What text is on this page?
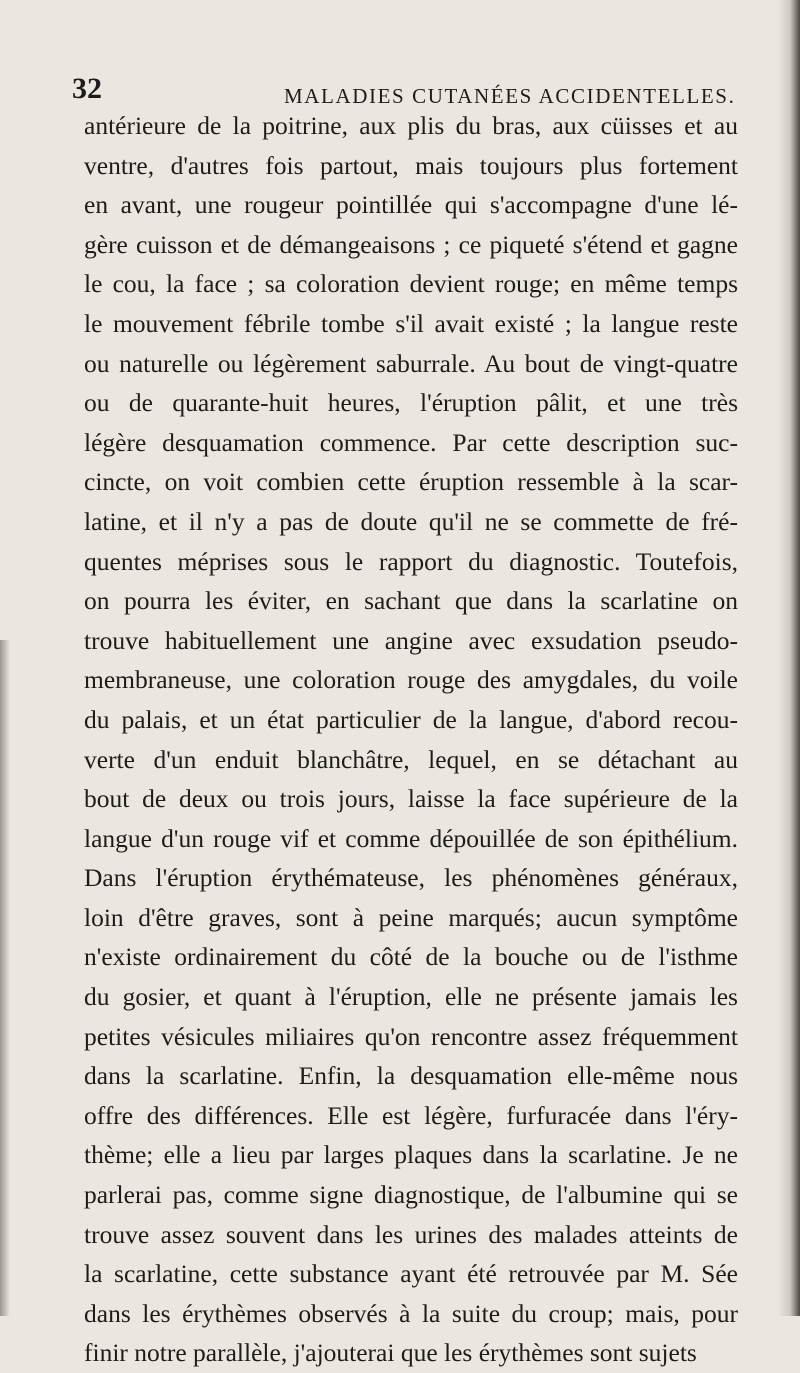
32	MALADIES CUTANÉES ACCIDENTELLES.
antérieure de la poitrine, aux plis du bras, aux cüisses et au
ventre, d'autres fois partout, mais toujours plus fortement
en avant, une rougeur pointillée qui s'accompagne d'une lé-
gère cuisson et de démangeaisons ; ce piqueté s'étend et gagne
le cou, la face ; sa coloration devient rouge; en même temps
le mouvement fébrile tombe s'il avait existé ; la langue reste
ou naturelle ou légèrement saburrale. Au bout de vingt-quatre
ou de quarante-huit heures, l'éruption pâlit, et une très
légère desquamation commence. Par cette description suc-
cincte, on voit combien cette éruption ressemble à la scar-
latine, et il n'y a pas de doute qu'il ne se commette de fré-
quentes méprises sous le rapport du diagnostic. Toutefois,
on pourra les éviter, en sachant que dans la scarlatine on
trouve habituellement une angine avec exsudation pseudo-
membraneuse, une coloration rouge des amygdales, du voile
du palais, et un état particulier de la langue, d'abord recou-
verte d'un enduit blanchâtre, lequel, en se détachant au
bout de deux ou trois jours, laisse la face supérieure de la
langue d'un rouge vif et comme dépouillée de son épithélium.
Dans l'éruption érythémateuse, les phénomènes généraux,
loin d'être graves, sont à peine marqués; aucun symptôme
n'existe ordinairement du côté de la bouche ou de l'isthme
du gosier, et quant à l'éruption, elle ne présente jamais les
petites vésicules miliaires qu'on rencontre assez fréquemment
dans la scarlatine. Enfin, la desquamation elle-même nous
offre des différences. Elle est légère, furfuracée dans l'éry-
thème; elle a lieu par larges plaques dans la scarlatine. Je ne
parlerai pas, comme signe diagnostique, de l'albumine qui se
trouve assez souvent dans les urines des malades atteints de
la scarlatine, cette substance ayant été retrouvée par M. Sée
dans les érythèmes observés à la suite du croup; mais, pour
finir notre parallèle, j'ajouterai que les érythèmes sont sujets
